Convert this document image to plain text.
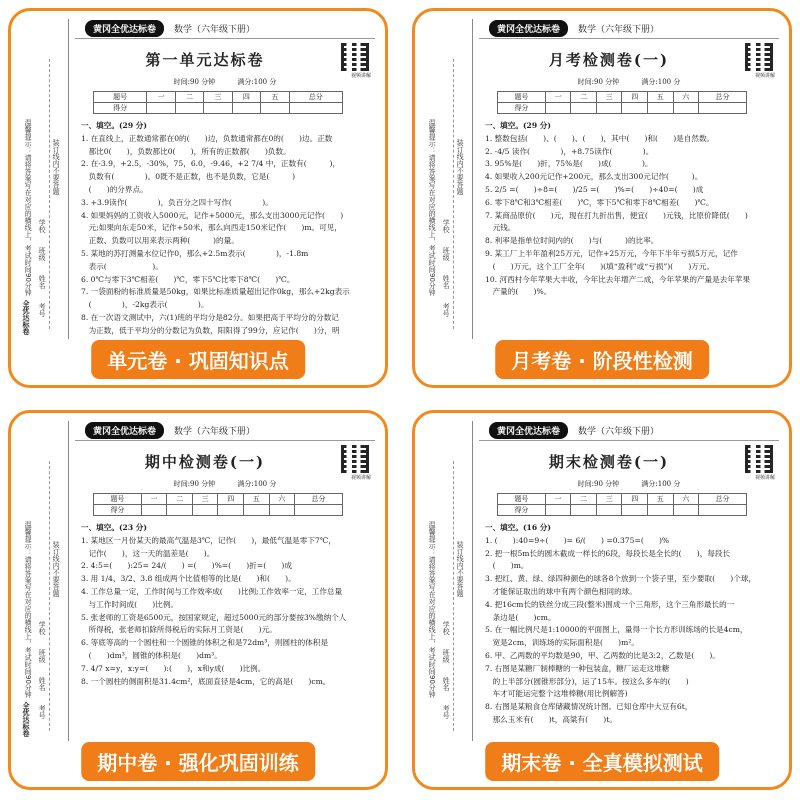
温馨提示：请将答案写在对应的横线上，考试时间90分钟 学校　　班级　　姓名　　考号
装订线内不要答题
全优达标卷
黄冈全优达标卷	数学（六年级下册）
第一单元达标卷
视频讲解
时间:90 分钟	满分:100 分
题号	一	二	三	四	五	总分
得分						
一、填空。(29 分)
1. 在直线上，正数通常都在0的(　　)边，负数通常都在0的(　　)边。正数
　都比0(　　)，负数都比0(　　)，所有的正数都(　　)负数。
2. 在-3.9，+2.5，-30%，75，6.0，-9.46，+2 7/4 中，正数有(　　　)，
　负数有(　　　　)。0既不是正数，也不是负数，它是(　　　)
　(　　)的分界点。
3. +3.9读作(　　　　)，负百分之四十写作(　　　　)。
4. 如果妈妈的工资收入5000元，记作+5000元，那么支出3000元记作(　　)
　元;如果向东走50米，记作+50米，那么向西走150米记作(　　)m。可见，
　正数、负数可以用来表示两种(　　　)的量。
5. 某地的苏打测量水位记作0，那么+2.5m表示(　　　　)，-1.8m
　表示(　　　　　　)。
6. 0℃与零下3℃相差(　　)℃，零下5℃比零下8℃(　　)℃。
7. 一袋面粉的标准质量是50kg，如果比标准质量超出记作0kg，那么+2kg表示
　(　　　　)，-2kg表示(　　　　)。
8. 在一次语文测试中，六(1)班的平均分是82分。如果把高于平均分的分数记
　为正数，低于平均分的分数记为负数，阳阳得了99分，应记作(　　)分，明
单元卷 · 巩固知识点
温馨提示：请将答案写在对应的横线上，考试时间90分钟 学校　　班级　　姓名　　考号
装订线内不要答题
黄冈全优达标卷	数学（六年级下册）
月考检测卷(一)
视频讲解
时间:90 分钟	满分:100 分
题号	一	二	三	四	五	六	总分
得分							
一、填空。(29 分)
1. 整数包括(　　)、(　　)、(　　)，其中(　　)和(　　)是自然数。
2. -4/5 读作(　　　　)，+8.75读作(　　　　)。
3. 95%是(　　)折，75%是(　　)成(　　　　)。
4. 如果收入200元记作+200元，那么支出300元记作(　　　)。
5. 2/5 =(　　)÷8=(　　)/25 =(　　)%=(　　)÷40=(　　)成
6. 零下8℃和3℃相差(　　)℃，零下5℃和零下8℃相差(　　)℃。
7. 某商品原价(　　)元，现在打九折出售，便宜(　　)元钱，比原价降低(　　)
　元钱。
8. 利率是指单位时间内的(　　)与(　　　)的比率。
9. 某工厂上半年盈利25万元，记作+25万元，今年下半年亏损5万元，记作
　(　　)万元，这个工厂全年(　　)(填“盈利”或“亏损”)(　　)万元。
10. 河西村今年苹果大丰收，今年比去年增产二成，今年苹果的产量是去年苹果
　产量的(　　)%。
月考卷 · 阶段性检测
温馨提示：请将答案写在对应的横线上，考试时间90分钟 学校　　班级　　姓名　　考号
装订线内不要答题
全优达标卷
黄冈全优达标卷	数学（六年级下册）
期中检测卷(一)
视频讲解
时间:90 分钟	满分:100 分
题号	一	二	三	四	五	六	总分
得分							
一、填空。(23 分)
1. 某地区一月份某天的最高气温是3℃，记作(　　)，最低气温是零下7℃，
　记作(　　)，这一天的温差是(　　)。
2. 4:5=(　　):25= 24/(　　) =(　　)%=(　　)折=(　　)成
3. 用 1/4、3/2、3.8 组成两个比值相等的比是(　　)和(　　)。
4. 工作总量一定，工作时间与工作效率成(　　)比例;工作效率一定，工作总量
　与工作时间成(　　)比例。
5. 张老师的工资是6500元，按国家规定，超过5000元的部分要按3%缴纳个人
　所得税，张老师扣除所得税后的实际月工资是(　　)元。
6. 等底等高的一个圆柱和一个圆锥的体积之和是72dm³，则圆柱的体积是
　(　　)dm³，圆锥的体积是(　　)dm³。
7. 4/7 x=y，x:y=(　　):(　　)，x和y成(　　)比例。
8. 一个圆柱的侧面积是31.4cm²，底面直径是4cm，它的高是(　　)cm。
期中卷 · 强化巩固训练
温馨提示：请将答案写在对应的横线上，考试时间90分钟 学校　　班级　　姓名　　考号
装订线内不要答题
黄冈全优达标卷	数学（六年级下册）
期末检测卷(一)
视频讲解
时间:90 分钟	满分:100 分
题号	一	二	三	四	五	六	总分
得分							
一、填空。(16 分)
1. (　　):40=9÷(　　)= 6/(　　) =0.375=(　　)%
2. 把一根5m长的圆木截成一样长的6段，每段长是全长的(　　)，每段长
　(　　)m。
3. 把红、黄、绿、绿四种颜色的球各8个放到一个袋子里，至少要取(　　)个球，
　才能保证取出的球中有两个颜色相同的球。
4. 把16cm长的铁丝分成三段(整米)围成一个三角形，这个三角形最长的一
　条边是(　　)cm。
5. 在一幅比例尺是1:10000的平面图上，量得一个长方形训练场的长是4cm，
　宽是2cm，训练场的实际面积是(　　)m²。
6. 甲、乙两数的平均数是90，甲、乙两数的比是3:2，乙数是(　　)。
7. 右图是某糖厂制棒糖的一种包装盒，糖厂运走这堆糖
　的上半部分(圆锥形部分)，运了15车。按这么多车的(　　)
　车才可能运完整个这堆棒糖(用比例解答)
8. 右图是某粮食仓库储藏情况统计图。已知仓库中大豆有6t，
　那么玉米有(　　)t，高粱有(　　)t。
期末卷 · 全真模拟测试
